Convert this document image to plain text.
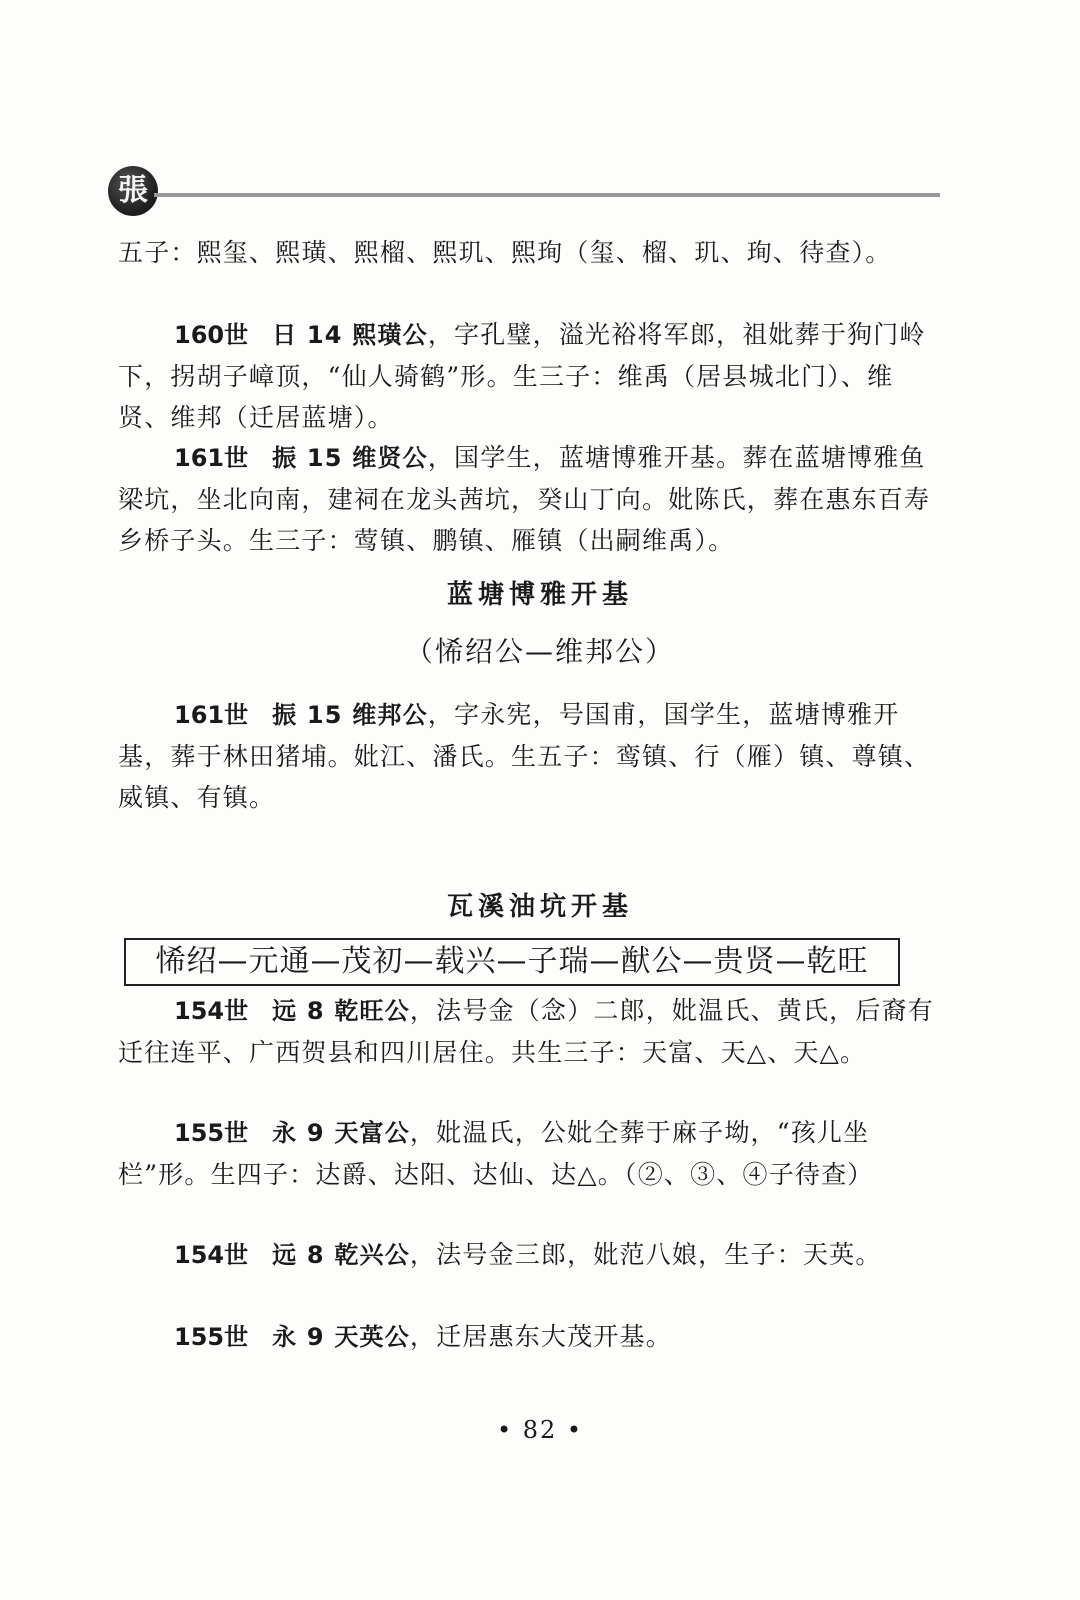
張

五子：熙玺、熙璜、熙榴、熙玑、熙珣（玺、榴、玑、珣、待查）。

160世 日 14 熙璜公，字孔璧，溢光裕将军郎，祖妣葬于狗门岭下，拐胡子嶂顶，“仙人骑鹤”形。生三子：维禹（居县城北门）、维贤、维邦（迁居蓝塘）。

161世 振 15 维贤公，国学生，蓝塘博雅开基。葬在蓝塘博雅鱼梁坑，坐北向南，建祠在龙头茜坑，癸山丁向。妣陈氏，葬在惠东百寿乡桥子头。生三子：莺镇、鹏镇、雁镇（出嗣维禹）。

蓝塘博雅开基
（悕绍公—维邦公）

161世 振 15 维邦公，字永宪，号国甫，国学生，蓝塘博雅开基，葬于林田猪埔。妣江、潘氏。生五子：鸾镇、行（雁）镇、尊镇、威镇、有镇。

瓦溪油坑开基
悕绍—元通—茂初—载兴—子瑞—猷公—贵贤—乾旺

154世 远 8 乾旺公，法号金（念）二郎，妣温氏、黄氏，后裔有迁往连平、广西贺县和四川居住。共生三子：天富、天△、天△。

155世 永 9 天富公，妣温氏，公妣仝葬于麻子坳，“孩儿坐栏”形。生四子：达爵、达阳、达仙、达△。（②、③、④子待查）

154世 远 8 乾兴公，法号金三郎，妣范八娘，生子：天英。

155世 永 9 天英公，迁居惠东大茂开基。

• 82 •
